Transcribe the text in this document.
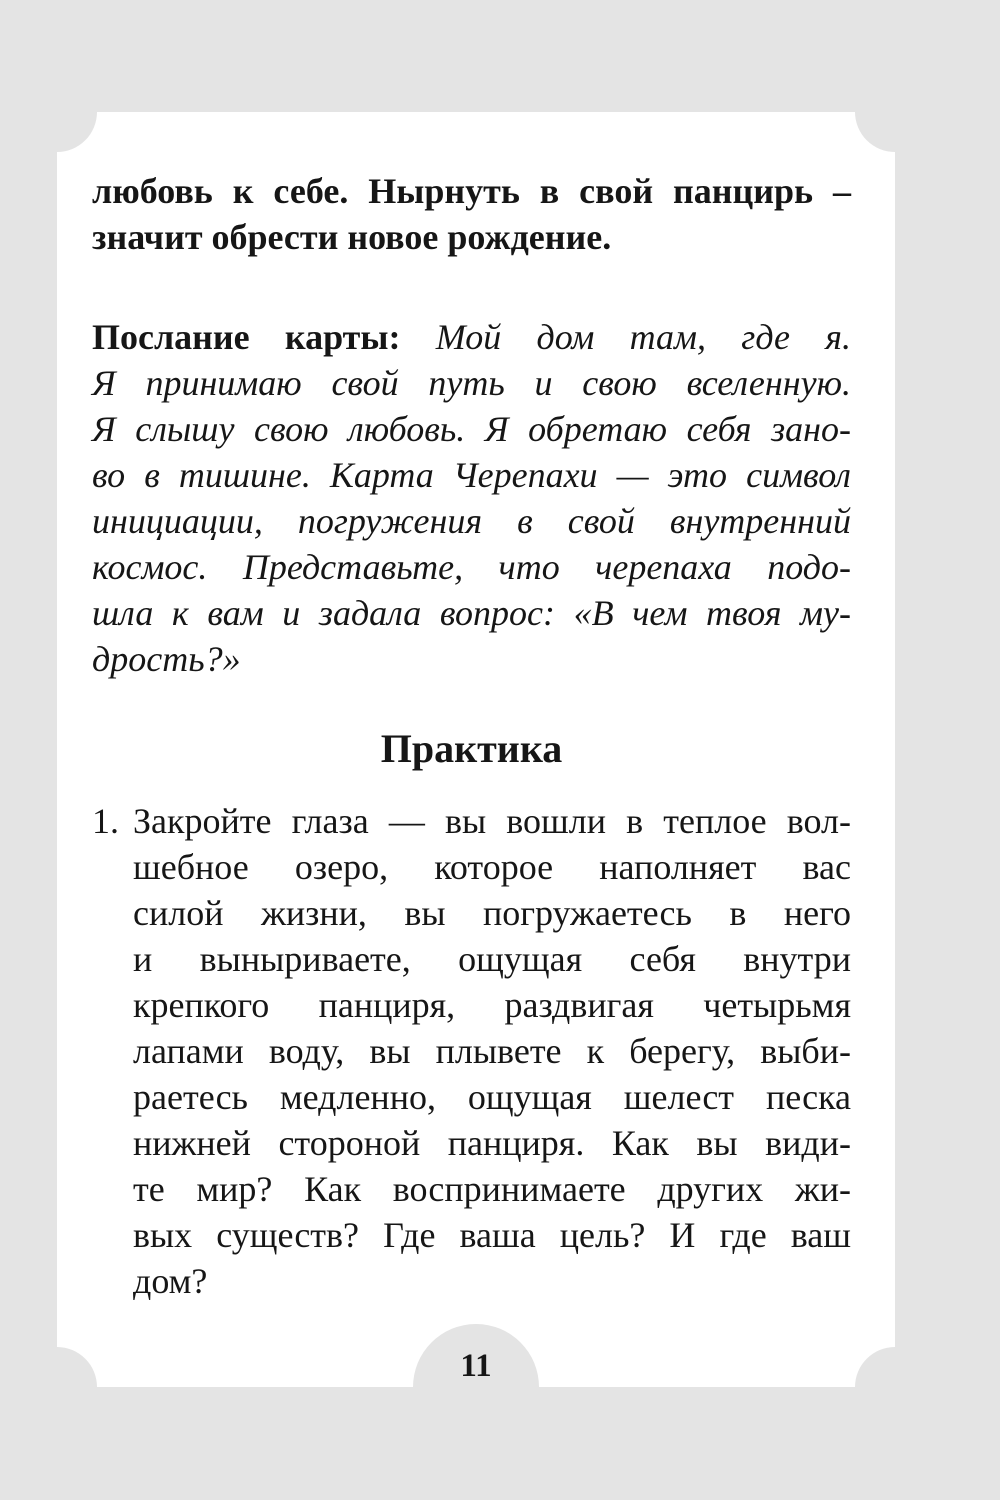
любовь к себе. Нырнуть в свой панцирь –
значит обрести новое рождение.
Послание карты: Мой дом там, где я.
Я принимаю свой путь и свою вселенную.
Я слышу свою любовь. Я обретаю себя зано-
во в тишине. Карта Черепахи — это символ
инициации, погружения в свой внутренний
космос. Представьте, что черепаха подо-
шла к вам и задала вопрос: «В чем твоя му-
дрость?»
Практика
1. Закройте глаза — вы вошли в теплое вол-
шебное озеро, которое наполняет вас
силой жизни, вы погружаетесь в него
и выныриваете, ощущая себя внутри
крепкого панциря, раздвигая четырьмя
лапами воду, вы плывете к берегу, выби-
раетесь медленно, ощущая шелест песка
нижней стороной панциря. Как вы види-
те мир? Как воспринимаете других жи-
вых существ? Где ваша цель? И где ваш
дом?
11
